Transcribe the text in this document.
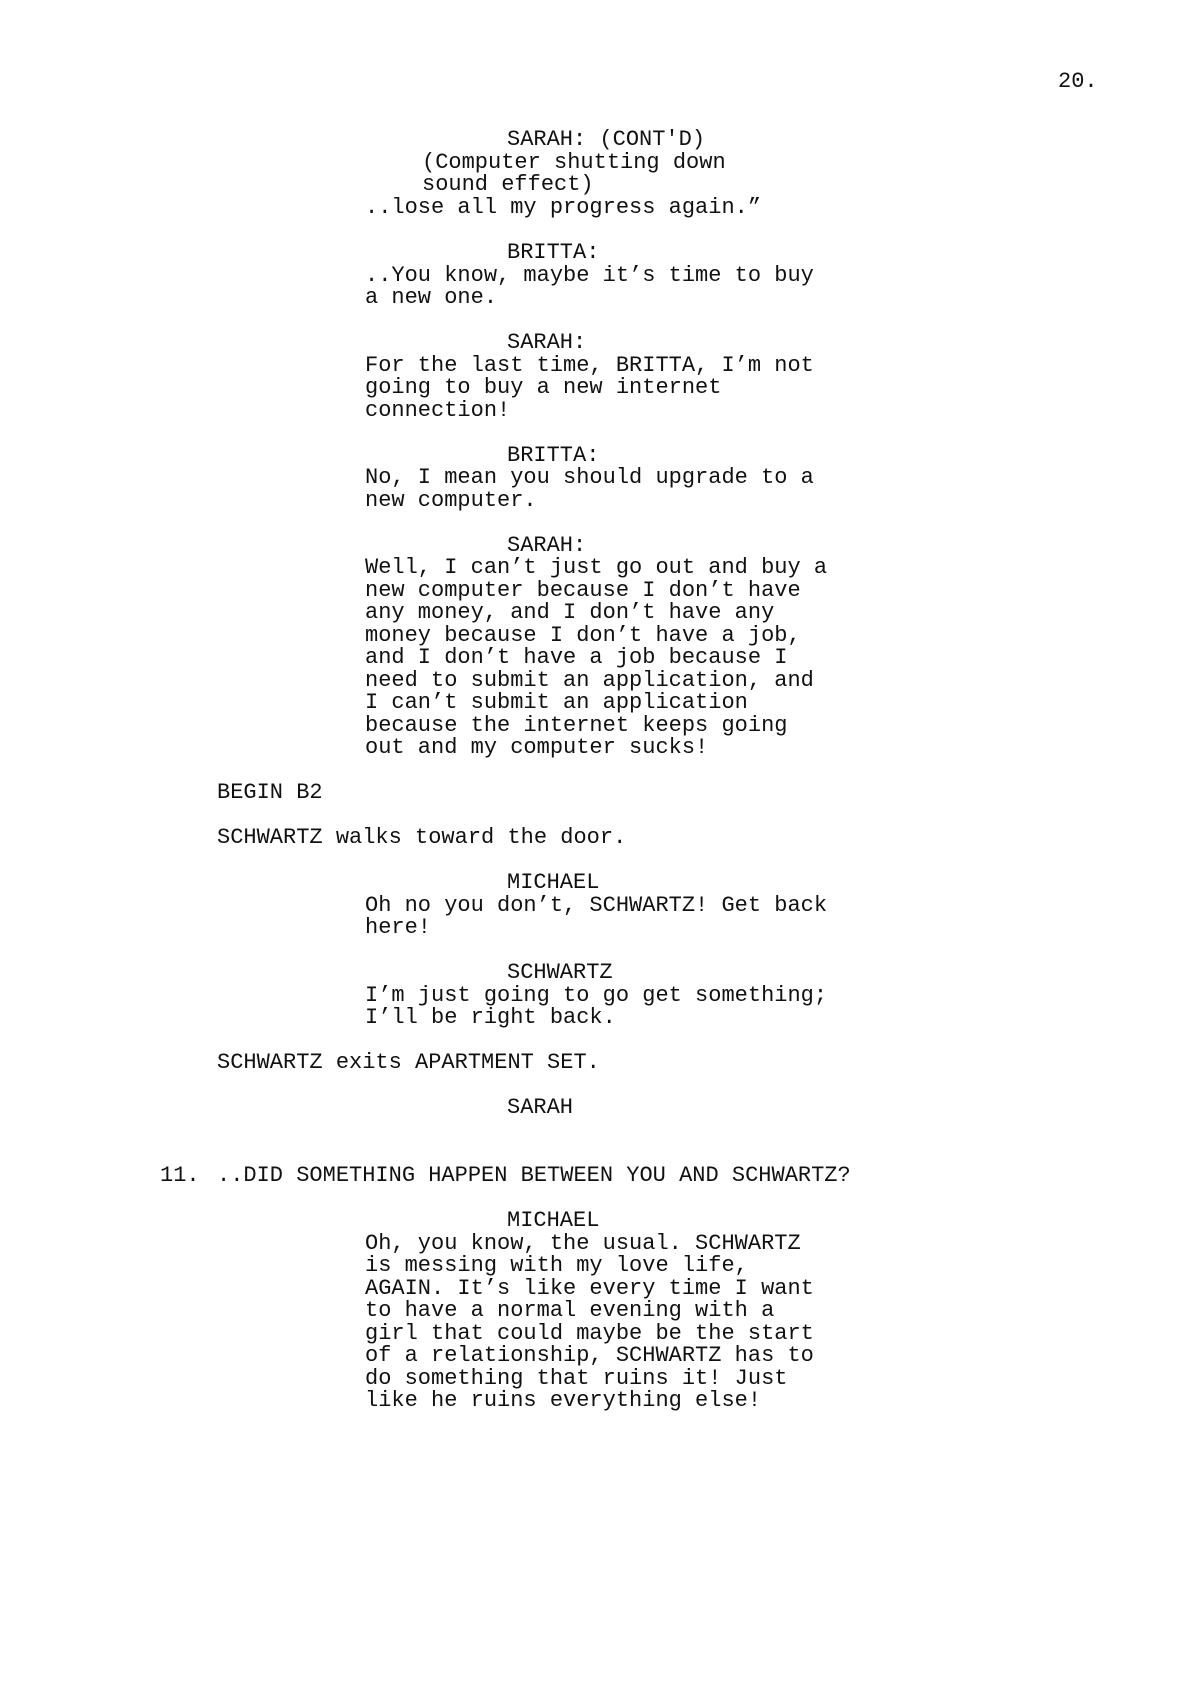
20.
SARAH: (CONT'D)
(Computer shutting down
sound effect)
..lose all my progress again.”
BRITTA:
..You know, maybe it’s time to buy
a new one.
SARAH:
For the last time, BRITTA, I’m not
going to buy a new internet
connection!
BRITTA:
No, I mean you should upgrade to a
new computer.
SARAH:
Well, I can’t just go out and buy a
new computer because I don’t have
any money, and I don’t have any
money because I don’t have a job,
and I don’t have a job because I
need to submit an application, and
I can’t submit an application
because the internet keeps going
out and my computer sucks!
BEGIN B2
SCHWARTZ walks toward the door.
MICHAEL
Oh no you don’t, SCHWARTZ! Get back
here!
SCHWARTZ
I’m just going to go get something;
I’ll be right back.
SCHWARTZ exits APARTMENT SET.
SARAH
11. ..DID SOMETHING HAPPEN BETWEEN YOU AND SCHWARTZ?
MICHAEL
Oh, you know, the usual. SCHWARTZ
is messing with my love life,
AGAIN. It’s like every time I want
to have a normal evening with a
girl that could maybe be the start
of a relationship, SCHWARTZ has to
do something that ruins it! Just
like he ruins everything else!
